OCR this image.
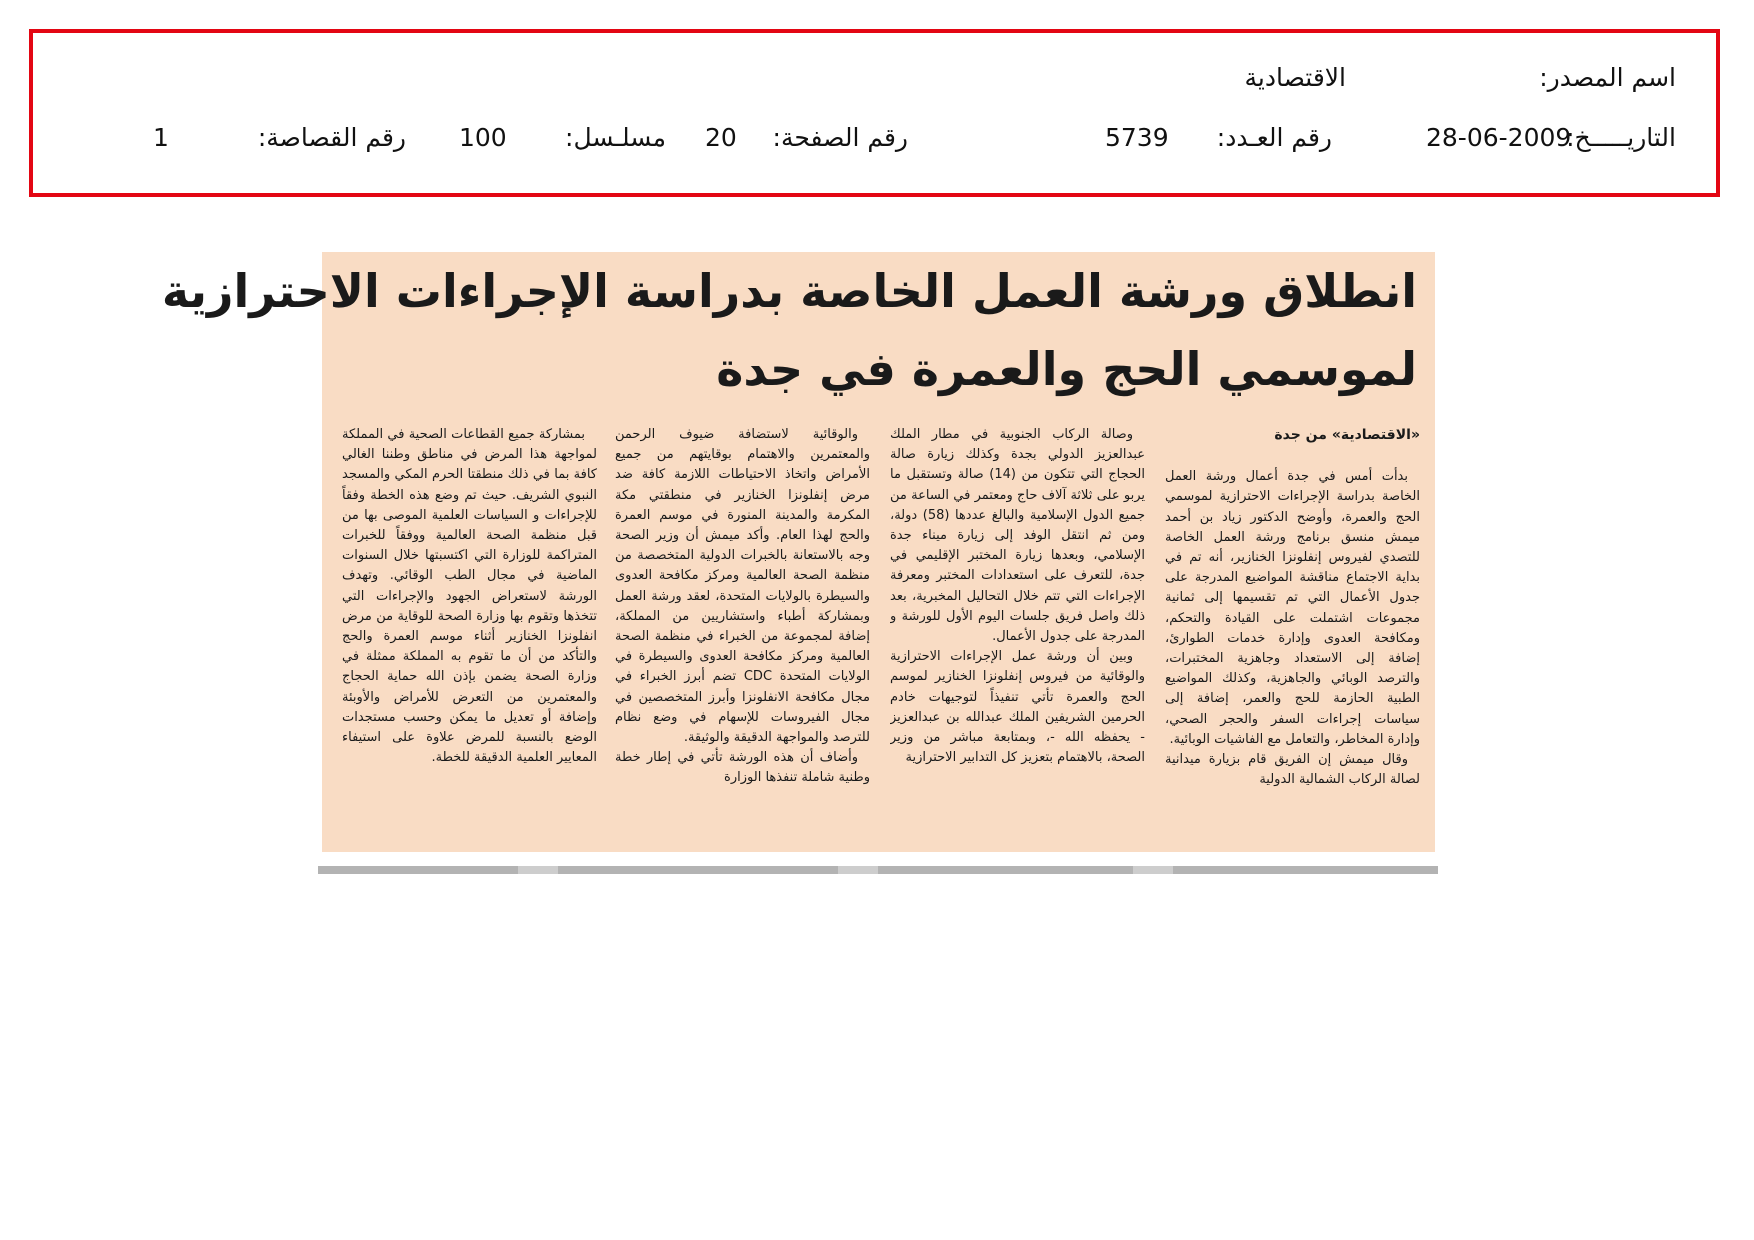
اسم المصدر:
الاقتصادية
التاريـــــخ:
28-06-2009
رقم العـدد:
5739
رقم الصفحة:
20
مسلـسل:
100
رقم القصاصة:
1
انطلاق ورشة العمل الخاصة بدراسة الإجراءات الاحترازية
لموسمي الحج والعمرة في جدة
«الاقتصادية» من جدة

بدأت أمس في جدة أعمال ورشة العمل الخاصة بدراسة الإجراءات الاحترازية لموسمي الحج والعمرة، وأوضح الدكتور زياد بن أحمد ميمش منسق برنامج ورشة العمل الخاصة للتصدي لفيروس إنفلونزا الخنازير، أنه تم في بداية الاجتماع مناقشة المواضيع المدرجة على جدول الأعمال التي تم تقسيمها إلى ثمانية مجموعات اشتملت على القيادة والتحكم، ومكافحة العدوى وإدارة خدمات الطوارئ، إضافة إلى الاستعداد وجاهزية المختبرات، والترصد الوبائي والجاهزية، وكذلك المواضيع الطبية الحازمة للحج والعمر، إضافة إلى سياسات إجراءات السفر والحجر الصحي، وإدارة المخاطر، والتعامل مع الفاشيات الوبائية.

وقال ميمش إن الفريق قام بزيارة ميدانية لصالة الركاب الشمالية الدولية

وصالة الركاب الجنوبية في مطار الملك عبدالعزيز الدولي بجدة وكذلك زيارة صالة الحجاج التي تتكون من (14) صالة وتستقبل ما يربو على ثلاثة آلاف حاج ومعتمر في الساعة من جميع الدول الإسلامية والبالغ عددها (58) دولة، ومن ثم انتقل الوفد إلى زيارة ميناء جدة الإسلامي، وبعدها زيارة المختبر الإقليمي في جدة، للتعرف على استعدادات المختبر ومعرفة الإجراءات التي تتم خلال التحاليل المخبرية، بعد ذلك واصل فريق جلسات اليوم الأول للورشة و المدرجة على جدول الأعمال.

وبين أن ورشة عمل الإجراءات الاحترازية والوقائية من فيروس إنفلونزا الخنازير لموسم الحج والعمرة تأتي تنفيذاً لتوجيهات خادم الحرمين الشريفين الملك عبدالله بن عبدالعزيز - يحفظه الله -، وبمتابعة مباشر من وزير الصحة، بالاهتمام بتعزيز كل التدابير الاحترازية

والوقائية لاستضافة ضيوف الرحمن والمعتمرين والاهتمام بوقايتهم من جميع الأمراض واتخاذ الاحتياطات اللازمة كافة ضد مرض إنفلونزا الخنازير في منطقتي مكة المكرمة والمدينة المنورة في موسم العمرة والحج لهذا العام. وأكد ميمش أن وزير الصحة وجه بالاستعانة بالخبرات الدولية المتخصصة من منظمة الصحة العالمية ومركز مكافحة العدوى والسيطرة بالولايات المتحدة، لعقد ورشة العمل وبمشاركة أطباء واستشاريين من المملكة، إضافة لمجموعة من الخبراء في منظمة الصحة العالمية ومركز مكافحة العدوى والسيطرة في الولايات المتحدة CDC تضم أبرز الخبراء في مجال مكافحة الانفلونزا وأبرز المتخصصين في مجال الفيروسات للإسهام في وضع نظام للترصد والمواجهة الدقيقة والوثيقة.

وأضاف أن هذه الورشة تأتي في إطار خطة وطنية شاملة تنفذها الوزارة

بمشاركة جميع القطاعات الصحية في المملكة لمواجهة هذا المرض في مناطق وطننا الغالي كافة بما في ذلك منطقتا الحرم المكي والمسجد النبوي الشريف. حيث تم وضع هذه الخطة وفقاً للإجراءات و السياسات العلمية الموصى بها من قبل منظمة الصحة العالمية ووفقاً للخبرات المتراكمة للوزارة التي اكتسبتها خلال السنوات الماضية في مجال الطب الوقائي. وتهدف الورشة لاستعراض الجهود والإجراءات التي تتخذها وتقوم بها وزارة الصحة للوقاية من مرض انفلونزا الخنازير أثناء موسم العمرة والحج والتأكد من أن ما تقوم به المملكة ممثلة في وزارة الصحة يضمن بإذن الله حماية الحجاج والمعتمرين من التعرض للأمراض والأوبئة وإضافة أو تعديل ما يمكن وحسب مستجدات الوضع بالنسبة للمرض علاوة على استيفاء المعايير العلمية الدقيقة للخطة.
